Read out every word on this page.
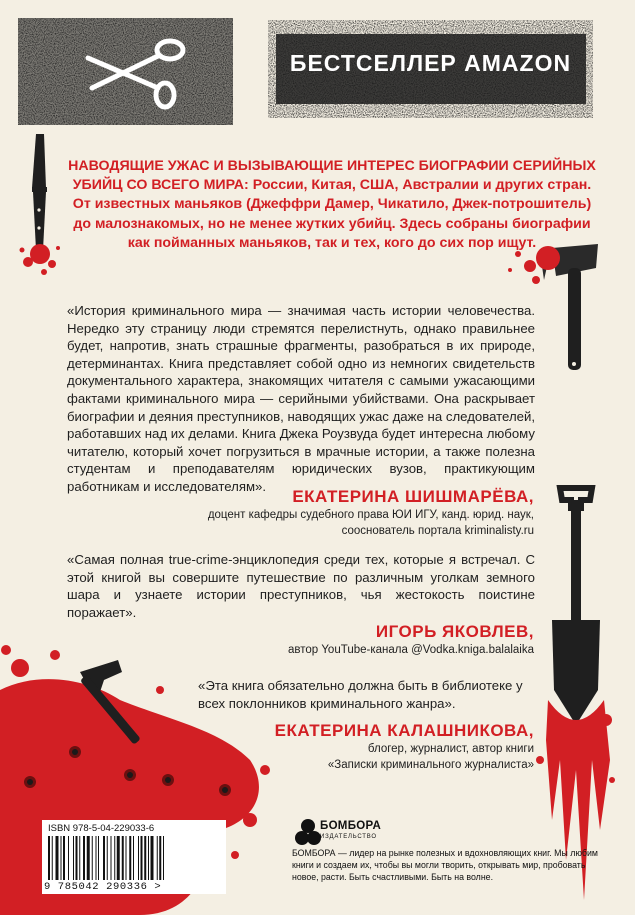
БЕСТСЕЛЛЕР AMAZON
НАВОДЯЩИЕ УЖАС И ВЫЗЫВАЮЩИЕ ИНТЕРЕС БИОГРАФИИ СЕРИЙНЫХ УБИЙЦ СО ВСЕГО МИРА: России, Китая, США, Австралии и других стран. От известных маньяков (Джеффри Дамер, Чикатило, Джек-потрошитель) до малознакомых, но не менее жутких убийц. Здесь собраны биографии как пойманных маньяков, так и тех, кого до сих пор ищут.
«История криминального мира — значимая часть истории человечества. Нередко эту страницу люди стремятся перелистнуть, однако правильнее будет, напротив, знать страшные фрагменты, разобраться в их природе, детерминантах. Книга представляет собой одно из немногих свидетельств документального характера, знакомящих читателя с самыми ужасающими фактами криминального мира — серийными убийствами. Она раскрывает биографии и деяния преступников, наводящих ужас даже на следователей, работавших над их делами. Книга Джека Роузвуда будет интересна любому читателю, который хочет погрузиться в мрачные истории, а также полезна студентам и преподавателям юридических вузов, практикующим работникам и исследователям».
ЕКАТЕРИНА ШИШМАРЁВА,
доцент кафедры судебного права ЮИ ИГУ, канд. юрид. наук,
сооснователь портала kriminalisty.ru
«Самая полная true-crime-энциклопедия среди тех, которые я встречал. С этой книгой вы совершите путешествие по различным уголкам земного шара и узнаете истории преступников, чья жестокость поистине поражает».
ИГОРЬ ЯКОВЛЕВ,
автор YouTube-канала @Vodka.kniga.balalaika
«Эта книга обязательно должна быть в библиотеке у всех поклонников криминального жанра».
ЕКАТЕРИНА КАЛАШНИКОВА,
блогер, журналист, автор книги
«Записки криминального журналиста»
ISBN 978-5-04-229033-6
9 785042 290336 >
БОМБОРА
ИЗДАТЕЛЬСТВО
БОМБОРА — лидер на рынке полезных и вдохновляющих книг. Мы любим книги и создаем их, чтобы вы могли творить, открывать мир, пробовать новое, расти. Быть счастливыми. Быть на волне.
